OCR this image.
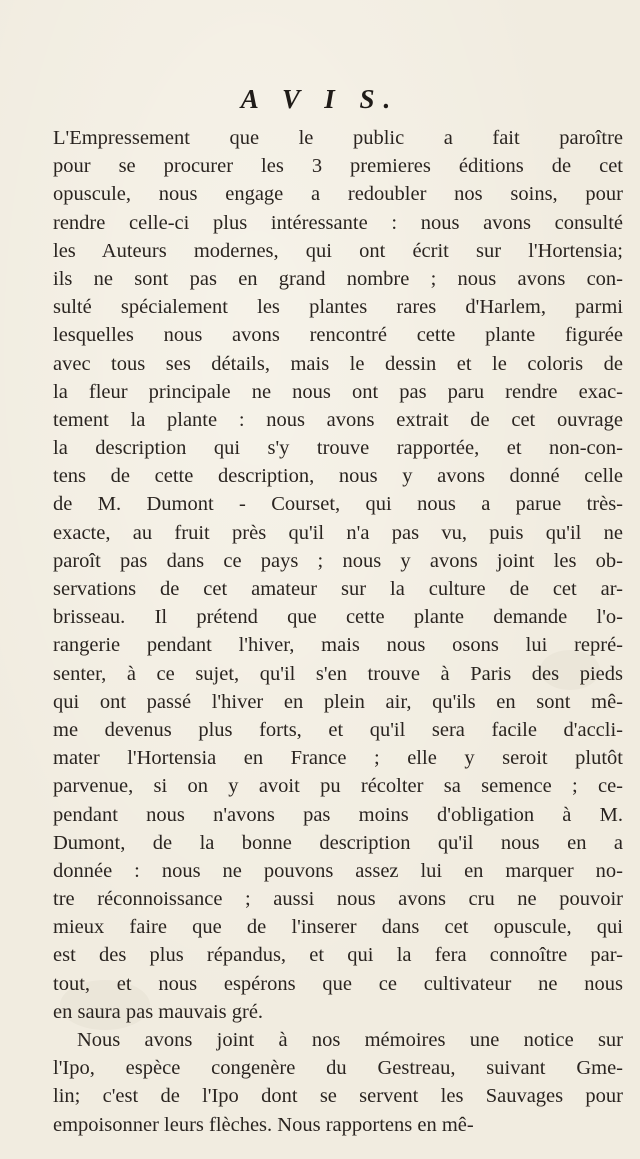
A V I S.
L'Empressement que le public a fait paroître
pour se procurer les 3 premieres éditions de cet
opuscule, nous engage a redoubler nos soins, pour
rendre celle-ci plus intéressante : nous avons consulté
les Auteurs modernes, qui ont écrit sur l'Hortensia;
ils ne sont pas en grand nombre ; nous avons con-
sulté spécialement les plantes rares d'Harlem, parmi
lesquelles nous avons rencontré cette plante figurée
avec tous ses détails, mais le dessin et le coloris de
la fleur principale ne nous ont pas paru rendre exac-
tement la plante : nous avons extrait de cet ouvrage
la description qui s'y trouve rapportée, et non-con-
tens de cette description, nous y avons donné celle
de M. Dumont - Courset, qui nous a parue très-
exacte, au fruit près qu'il n'a pas vu, puis qu'il ne
paroît pas dans ce pays ; nous y avons joint les ob-
servations de cet amateur sur la culture de cet ar-
brisseau. Il prétend que cette plante demande l'o-
rangerie pendant l'hiver, mais nous osons lui repré-
senter, à ce sujet, qu'il s'en trouve à Paris des pieds
qui ont passé l'hiver en plein air, qu'ils en sont mê-
me devenus plus forts, et qu'il sera facile d'accli-
mater l'Hortensia en France ; elle y seroit plutôt
parvenue, si on y avoit pu récolter sa semence ; ce-
pendant nous n'avons pas moins d'obligation à M.
Dumont, de la bonne description qu'il nous en a
donnée : nous ne pouvons assez lui en marquer no-
tre réconnoissance ; aussi nous avons cru ne pouvoir
mieux faire que de l'inserer dans cet opuscule, qui
est des plus répandus, et qui la fera connoître par-
tout, et nous espérons que ce cultivateur ne nous
en saura pas mauvais gré.
Nous avons joint à nos mémoires une notice sur
l'Ipo, espèce congenère du Gestreau, suivant Gme-
lin; c'est de l'Ipo dont se servent les Sauvages pour
empoisonner leurs flèches. Nous rapportens en mê-
